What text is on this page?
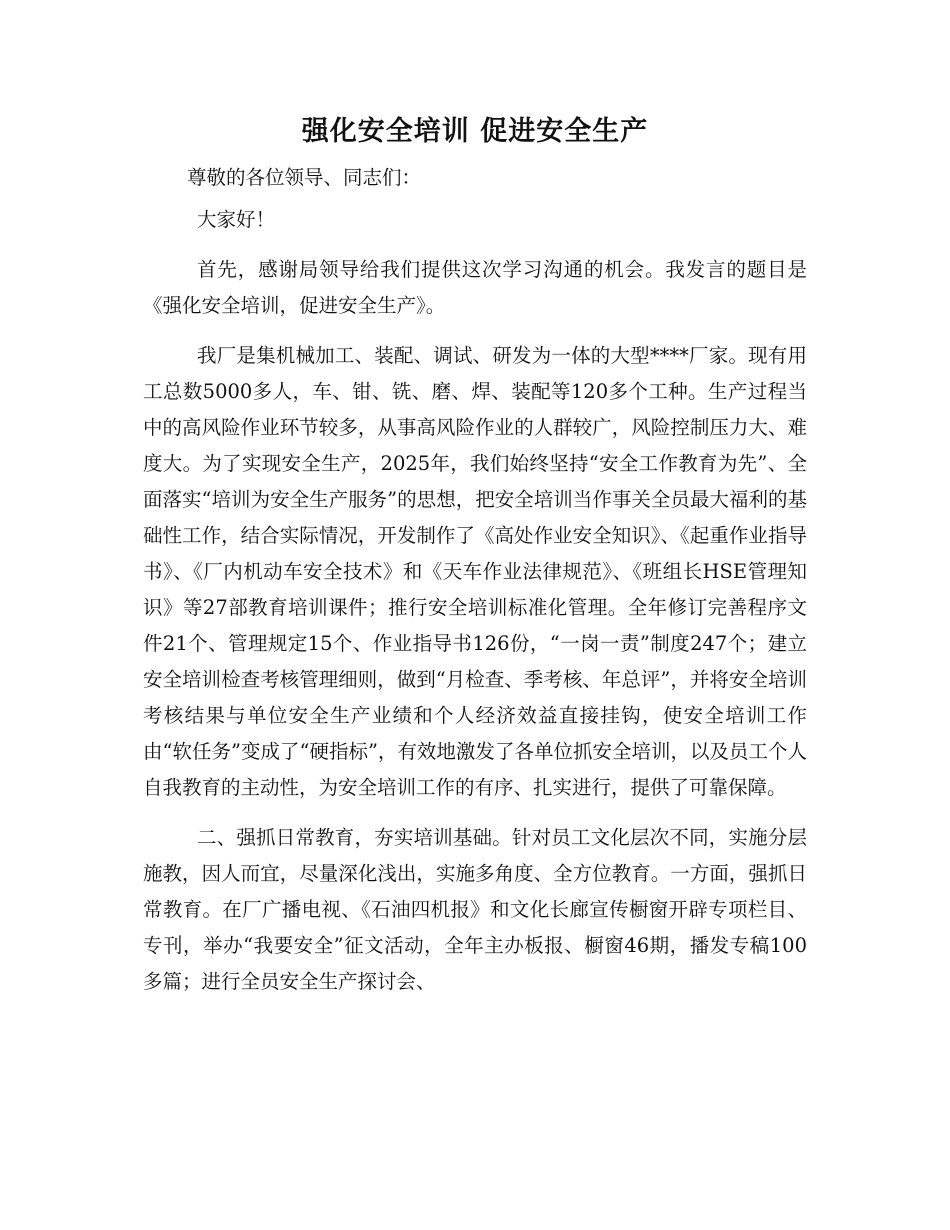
强化安全培训 促进安全生产

尊敬的各位领导、同志们：

大家好！

首先，感谢局领导给我们提供这次学习沟通的机会。我发言的题目是《强化安全培训，促进安全生产》。

我厂是集机械加工、装配、调试、研发为一体的大型****厂家。现有用工总数5000多人，车、钳、铣、磨、焊、装配等120多个工种。生产过程当中的高风险作业环节较多，从事高风险作业的人群较广，风险控制压力大、难度大。为了实现安全生产，2025年，我们始终坚持“安全工作教育为先”、全面落实“培训为安全生产服务”的思想，把安全培训当作事关全员最大福利的基础性工作，结合实际情况，开发制作了《高处作业安全知识》、《起重作业指导书》、《厂内机动车安全技术》和《天车作业法律规范》、《班组长HSE管理知识》等27部教育培训课件；推行安全培训标准化管理。全年修订完善程序文件21个、管理规定15个、作业指导书126份，“一岗一责”制度247个；建立安全培训检查考核管理细则，做到“月检查、季考核、年总评”，并将安全培训考核结果与单位安全生产业绩和个人经济效益直接挂钩，使安全培训工作由“软任务”变成了“硬指标”，有效地激发了各单位抓安全培训，以及员工个人自我教育的主动性，为安全培训工作的有序、扎实进行，提供了可靠保障。

二、强抓日常教育，夯实培训基础。针对员工文化层次不同，实施分层施教，因人而宜，尽量深化浅出，实施多角度、全方位教育。一方面，强抓日常教育。在厂广播电视、《石油四机报》和文化长廊宣传橱窗开辟专项栏目、专刊，举办“我要安全”征文活动，全年主办板报、橱窗46期，播发专稿100多篇；进行全员安全生产探讨会、
